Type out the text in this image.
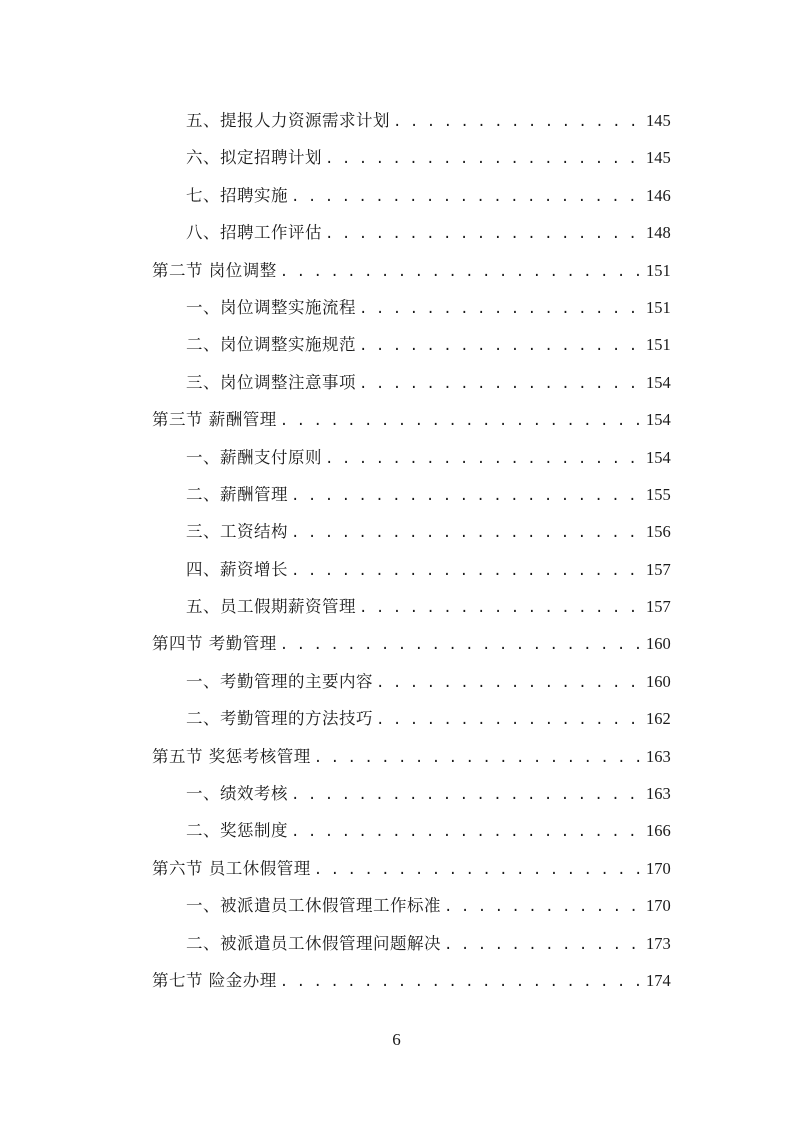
五、提报人力资源需求计划 . . .	145
六、拟定招聘计划 . . .	145
七、招聘实施 . . .	146
八、招聘工作评估 . . .	148
第二节 岗位调整 . . .	151
一、岗位调整实施流程 . . .	151
二、岗位调整实施规范 . . .	151
三、岗位调整注意事项 . . .	154
第三节 薪酬管理 . . .	154
一、薪酬支付原则 . . .	154
二、薪酬管理 . . .	155
三、工资结构 . . .	156
四、薪资增长 . . .	157
五、员工假期薪资管理 . . .	157
第四节 考勤管理 . . .	160
一、考勤管理的主要内容 . . .	160
二、考勤管理的方法技巧 . . .	162
第五节 奖惩考核管理 . . .	163
一、绩效考核 . . .	163
二、奖惩制度 . . .	166
第六节 员工休假管理 . . .	170
一、被派遣员工休假管理工作标准 . . .	170
二、被派遣员工休假管理问题解决 . . .	173
第七节 险金办理 . . .	174
6
